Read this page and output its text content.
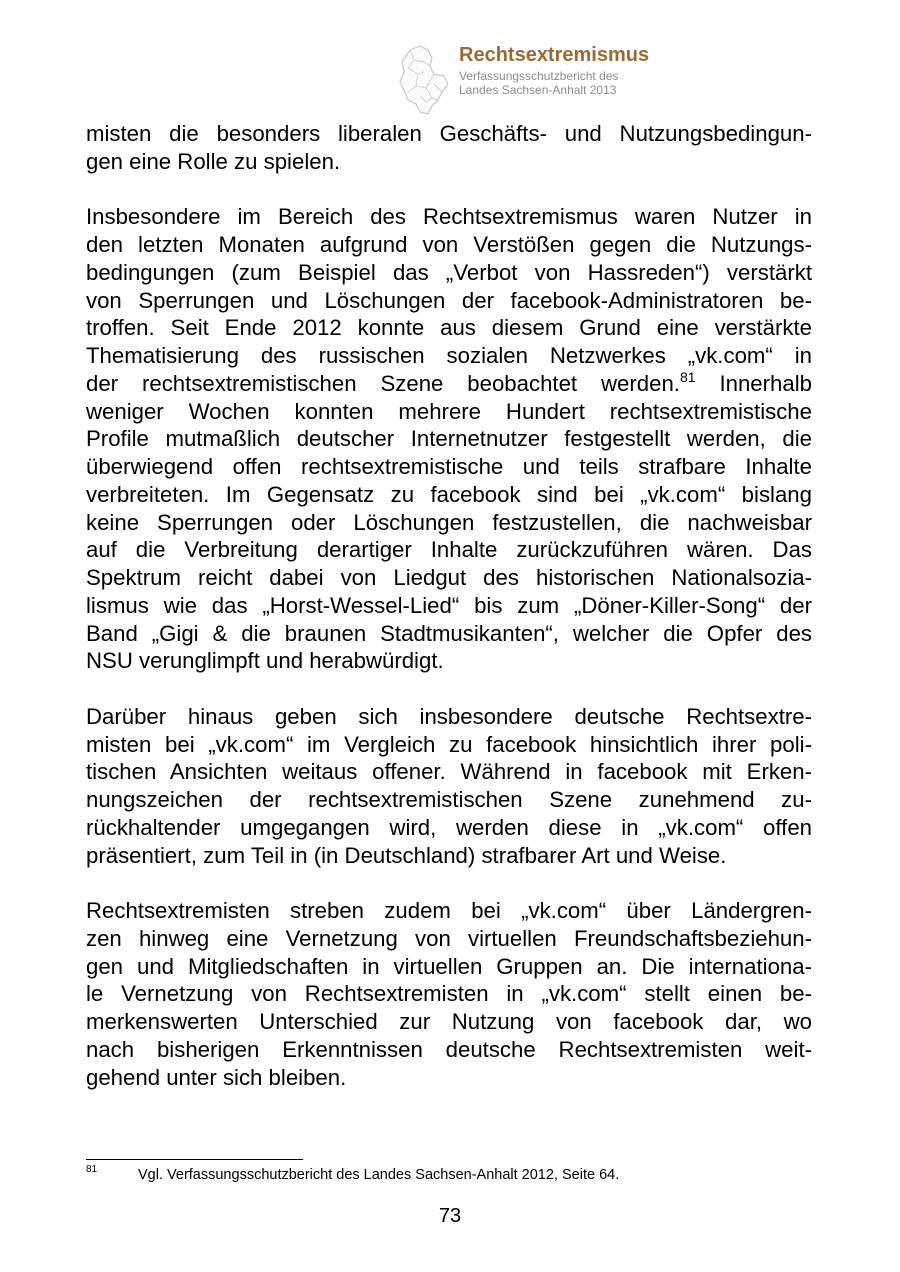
Rechtsextremismus
Verfassungsschutzbericht des
Landes Sachsen-Anhalt 2013
misten die besonders liberalen Geschäfts- und Nutzungsbedingun-
gen eine Rolle zu spielen.
Insbesondere im Bereich des Rechtsextremismus waren Nutzer in
den letzten Monaten aufgrund von Verstößen gegen die Nutzungs-
bedingungen (zum Beispiel das „Verbot von Hassreden“) verstärkt
von Sperrungen und Löschungen der facebook-Administratoren be-
troffen. Seit Ende 2012 konnte aus diesem Grund eine verstärkte
Thematisierung des russischen sozialen Netzwerkes „vk.com“ in
der rechtsextremistischen Szene beobachtet werden.$^{81}$ Innerhalb
weniger Wochen konnten mehrere Hundert rechtsextremistische
Profile mutmaßlich deutscher Internetnutzer festgestellt werden, die
überwiegend offen rechtsextremistische und teils strafbare Inhalte
verbreiteten. Im Gegensatz zu facebook sind bei „vk.com“ bislang
keine Sperrungen oder Löschungen festzustellen, die nachweisbar
auf die Verbreitung derartiger Inhalte zurückzuführen wären. Das
Spektrum reicht dabei von Liedgut des historischen Nationalsozia-
lismus wie das „Horst-Wessel-Lied“ bis zum „Döner-Killer-Song“ der
Band „Gigi & die braunen Stadtmusikanten“, welcher die Opfer des
NSU verunglimpft und herabwürdigt.
Darüber hinaus geben sich insbesondere deutsche Rechtsextre-
misten bei „vk.com“ im Vergleich zu facebook hinsichtlich ihrer poli-
tischen Ansichten weitaus offener. Während in facebook mit Erken-
nungszeichen der rechtsextremistischen Szene zunehmend zu-
rückhaltender umgegangen wird, werden diese in „vk.com“ offen
präsentiert, zum Teil in (in Deutschland) strafbarer Art und Weise.
Rechtsextremisten streben zudem bei „vk.com“ über Ländergren-
zen hinweg eine Vernetzung von virtuellen Freundschaftsbeziehun-
gen und Mitgliedschaften in virtuellen Gruppen an. Die internationa-
le Vernetzung von Rechtsextremisten in „vk.com“ stellt einen be-
merkenswerten Unterschied zur Nutzung von facebook dar, wo
nach bisherigen Erkenntnissen deutsche Rechtsextremisten weit-
gehend unter sich bleiben.
81	Vgl. Verfassungsschutzbericht des Landes Sachsen-Anhalt 2012, Seite 64.
73
